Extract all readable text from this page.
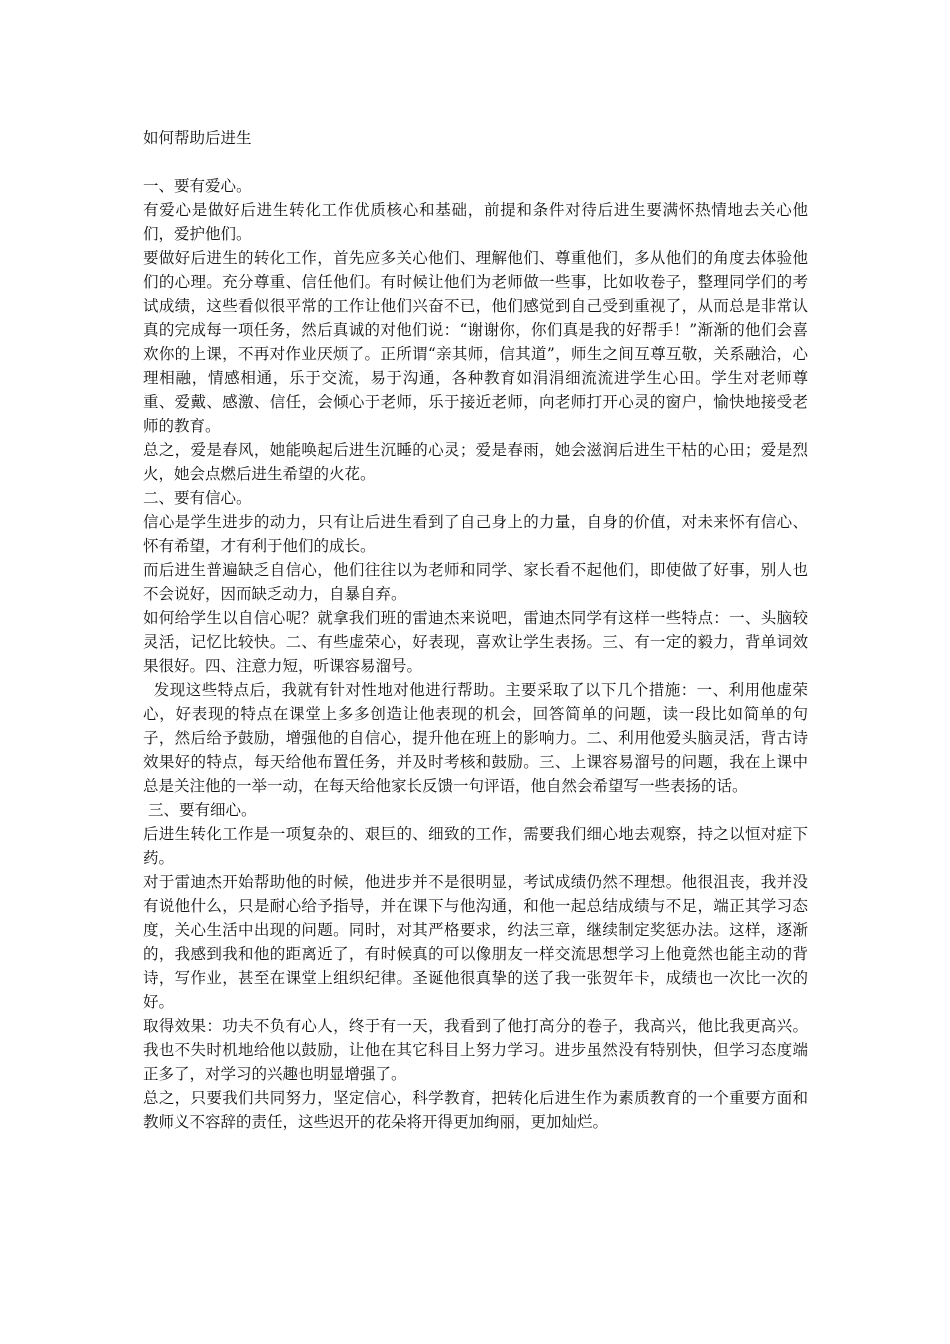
如何帮助后进生

一、要有爱心。

有爱心是做好后进生转化工作优质核心和基础，前提和条件对待后进生要满怀热情地去关心他们，爱护他们。

要做好后进生的转化工作，首先应多关心他们、理解他们、尊重他们，多从他们的角度去体验他们的心理。充分尊重、信任他们。有时候让他们为老师做一些事，比如收卷子，整理同学们的考试成绩，这些看似很平常的工作让他们兴奋不已，他们感觉到自己受到重视了，从而总是非常认真的完成每一项任务，然后真诚的对他们说：“谢谢你，你们真是我的好帮手！”渐渐的他们会喜欢你的上课，不再对作业厌烦了。正所谓“亲其师，信其道”，师生之间互尊互敬，关系融洽，心理相融，情感相通，乐于交流，易于沟通，各种教育如涓涓细流流进学生心田。学生对老师尊重、爱戴、感激、信任，会倾心于老师，乐于接近老师，向老师打开心灵的窗户，愉快地接受老师的教育。

总之，爱是春风，她能唤起后进生沉睡的心灵；爱是春雨，她会滋润后进生干枯的心田；爱是烈火，她会点燃后进生希望的火花。

二、要有信心。

信心是学生进步的动力，只有让后进生看到了自己身上的力量，自身的价值，对未来怀有信心、怀有希望，才有利于他们的成长。

而后进生普遍缺乏自信心，他们往往以为老师和同学、家长看不起他们，即使做了好事，别人也不会说好，因而缺乏动力，自暴自弃。

如何给学生以自信心呢？就拿我们班的雷迪杰来说吧，雷迪杰同学有这样一些特点：一、头脑较灵活，记忆比较快。二、有些虚荣心，好表现，喜欢让学生表扬。三、有一定的毅力，背单词效果很好。四、注意力短，听课容易溜号。

发现这些特点后，我就有针对性地对他进行帮助。主要采取了以下几个措施：一、利用他虚荣心，好表现的特点在课堂上多多创造让他表现的机会，回答简单的问题，读一段比如简单的句子，然后给予鼓励，增强他的自信心，提升他在班上的影响力。二、利用他爱头脑灵活，背古诗效果好的特点，每天给他布置任务，并及时考核和鼓励。三、上课容易溜号的问题，我在上课中总是关注他的一举一动，在每天给他家长反馈一句评语，他自然会希望写一些表扬的话。

三、要有细心。

后进生转化工作是一项复杂的、艰巨的、细致的工作，需要我们细心地去观察，持之以恒对症下药。

对于雷迪杰开始帮助他的时候，他进步并不是很明显，考试成绩仍然不理想。他很沮丧，我并没有说他什么，只是耐心给予指导，并在课下与他沟通，和他一起总结成绩与不足，端正其学习态度，关心生活中出现的问题。同时，对其严格要求，约法三章，继续制定奖惩办法。这样，逐渐的，我感到我和他的距离近了，有时候真的可以像朋友一样交流思想学习上他竟然也能主动的背诗，写作业，甚至在课堂上组织纪律。圣诞他很真挚的送了我一张贺年卡，成绩也一次比一次的好。

取得效果：功夫不负有心人，终于有一天，我看到了他打高分的卷子，我高兴，他比我更高兴。我也不失时机地给他以鼓励，让他在其它科目上努力学习。进步虽然没有特别快，但学习态度端正多了，对学习的兴趣也明显增强了。

总之，只要我们共同努力，坚定信心，科学教育，把转化后进生作为素质教育的一个重要方面和教师义不容辞的责任，这些迟开的花朵将开得更加绚丽，更加灿烂。
